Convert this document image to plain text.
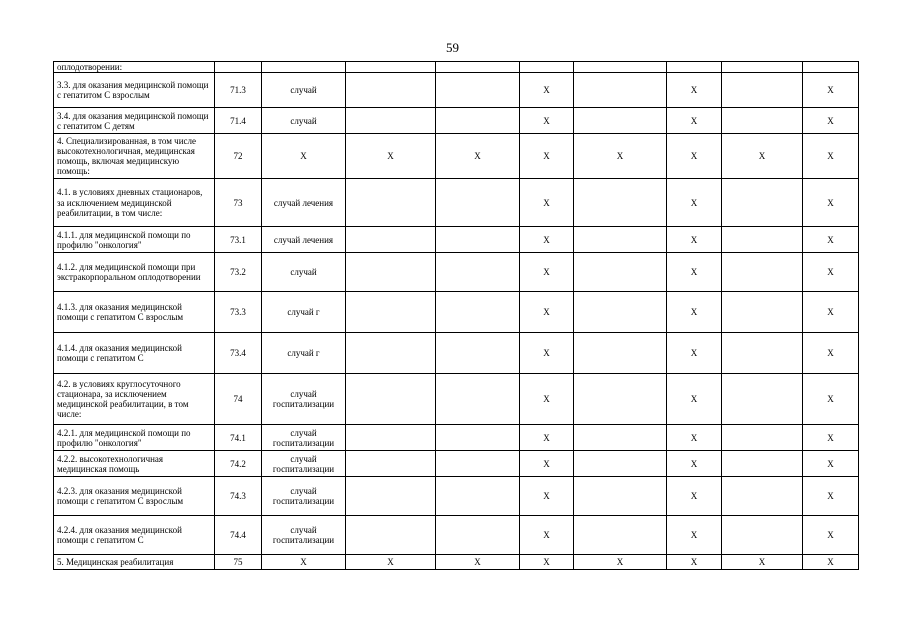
59
оплодотворении:									
3.3. для оказания медицинской помощи с гепатитом С взрослым	71.3	случай			X		X		X
3.4. для оказания медицинской помощи с гепатитом С детям	71.4	случай			X		X		X
4. Специализированная, в том числе высокотехнологичная, медицинская помощь, включая медицинскую помощь:	72	X	X	X	X	X	X	X	X
4.1. в условиях дневных стационаров, за исключением медицинской реабилитации, в том числе:	73	случай лечения			X		X		X
4.1.1. для медицинской помощи по профилю "онкология"	73.1	случай лечения			X		X		X
4.1.2. для медицинской помощи при экстракорпоральном оплодотворении	73.2	случай			X		X		X
4.1.3. для оказания медицинской помощи с гепатитом С взрослым	73.3	случай г			X		X		X
4.1.4. для оказания медицинской помощи с гепатитом С	73.4	случай г			X		X		X
4.2. в условиях круглосуточного стационара, за исключением медицинской реабилитации, в том числе:	74	случай госпитализации			X		X		X
4.2.1. для медицинской помощи по профилю "онкология"	74.1	случай госпитализации			X		X		X
4.2.2. высокотехнологичная медицинская помощь	74.2	случай госпитализации			X		X		X
4.2.3. для оказания медицинской помощи с гепатитом С взрослым	74.3	случай госпитализации			X		X		X
4.2.4. для оказания медицинской помощи с гепатитом С	74.4	случай госпитализации			X		X		X
5. Медицинская реабилитация	75	X	X	X	X	X	X	X	X
